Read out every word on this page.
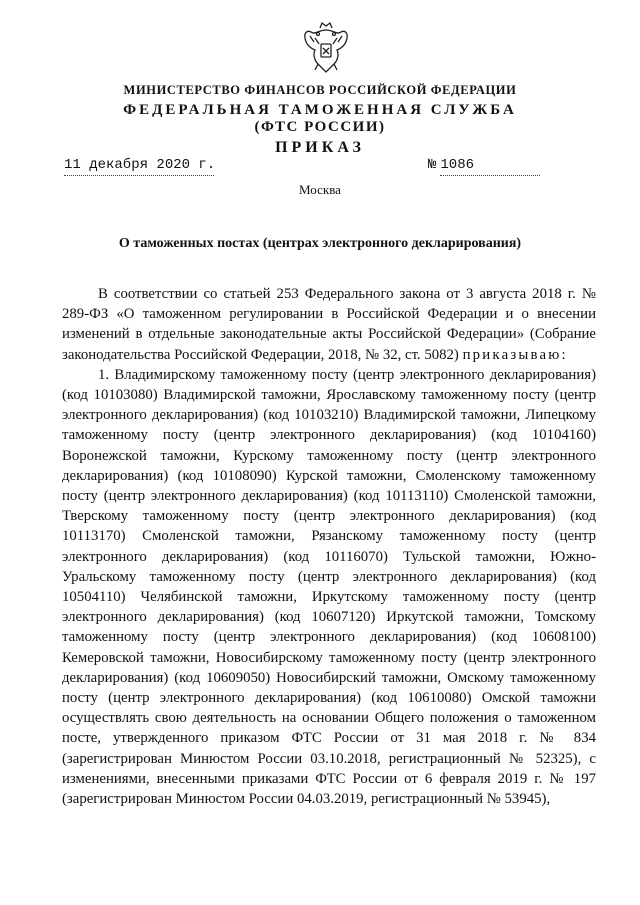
МИНИСТЕРСТВО ФИНАНСОВ РОССИЙСКОЙ ФЕДЕРАЦИИ
ФЕДЕРАЛЬНАЯ ТАМОЖЕННАЯ СЛУЖБА
(ФТС РОССИИ)
ПРИКАЗ
11 декабря 2020 г.	№ 1086
Москва
О таможенных постах (центрах электронного декларирования)

В соответствии со статьей 253 Федерального закона от 3 августа 2018 г. № 289-ФЗ «О таможенном регулировании в Российской Федерации и о внесении изменений в отдельные законодательные акты Российской Федерации» (Собрание законодательства Российской Федерации, 2018, № 32, ст. 5082) приказываю:

1. Владимирскому таможенному посту (центр электронного декларирования) (код 10103080) Владимирской таможни, Ярославскому таможенному посту (центр электронного декларирования) (код 10103210) Владимирской таможни, Липецкому таможенному посту (центр электронного декларирования) (код 10104160) Воронежской таможни, Курскому таможенному посту (центр электронного декларирования) (код 10108090) Курской таможни, Смоленскому таможенному посту (центр электронного декларирования) (код 10113110) Смоленской таможни, Тверскому таможенному посту (центр электронного декларирования) (код 10113170) Смоленской таможни, Рязанскому таможенному посту (центр электронного декларирования) (код 10116070) Тульской таможни, Южно-Уральскому таможенному посту (центр электронного декларирования) (код 10504110) Челябинской таможни, Иркутскому таможенному посту (центр электронного декларирования) (код 10607120) Иркутской таможни, Томскому таможенному посту (центр электронного декларирования) (код 10608100) Кемеровской таможни, Новосибирскому таможенному посту (центр электронного декларирования) (код 10609050) Новосибирский таможни, Омскому таможенному посту (центр электронного декларирования) (код 10610080) Омской таможни осуществлять свою деятельность на основании Общего положения о таможенном посте, утвержденного приказом ФТС России от 31 мая 2018 г. № 834 (зарегистрирован Минюстом России 03.10.2018, регистрационный № 52325), с изменениями, внесенными приказами ФТС России от 6 февраля 2019 г. № 197 (зарегистрирован Минюстом России 04.03.2019, регистрационный № 53945),
